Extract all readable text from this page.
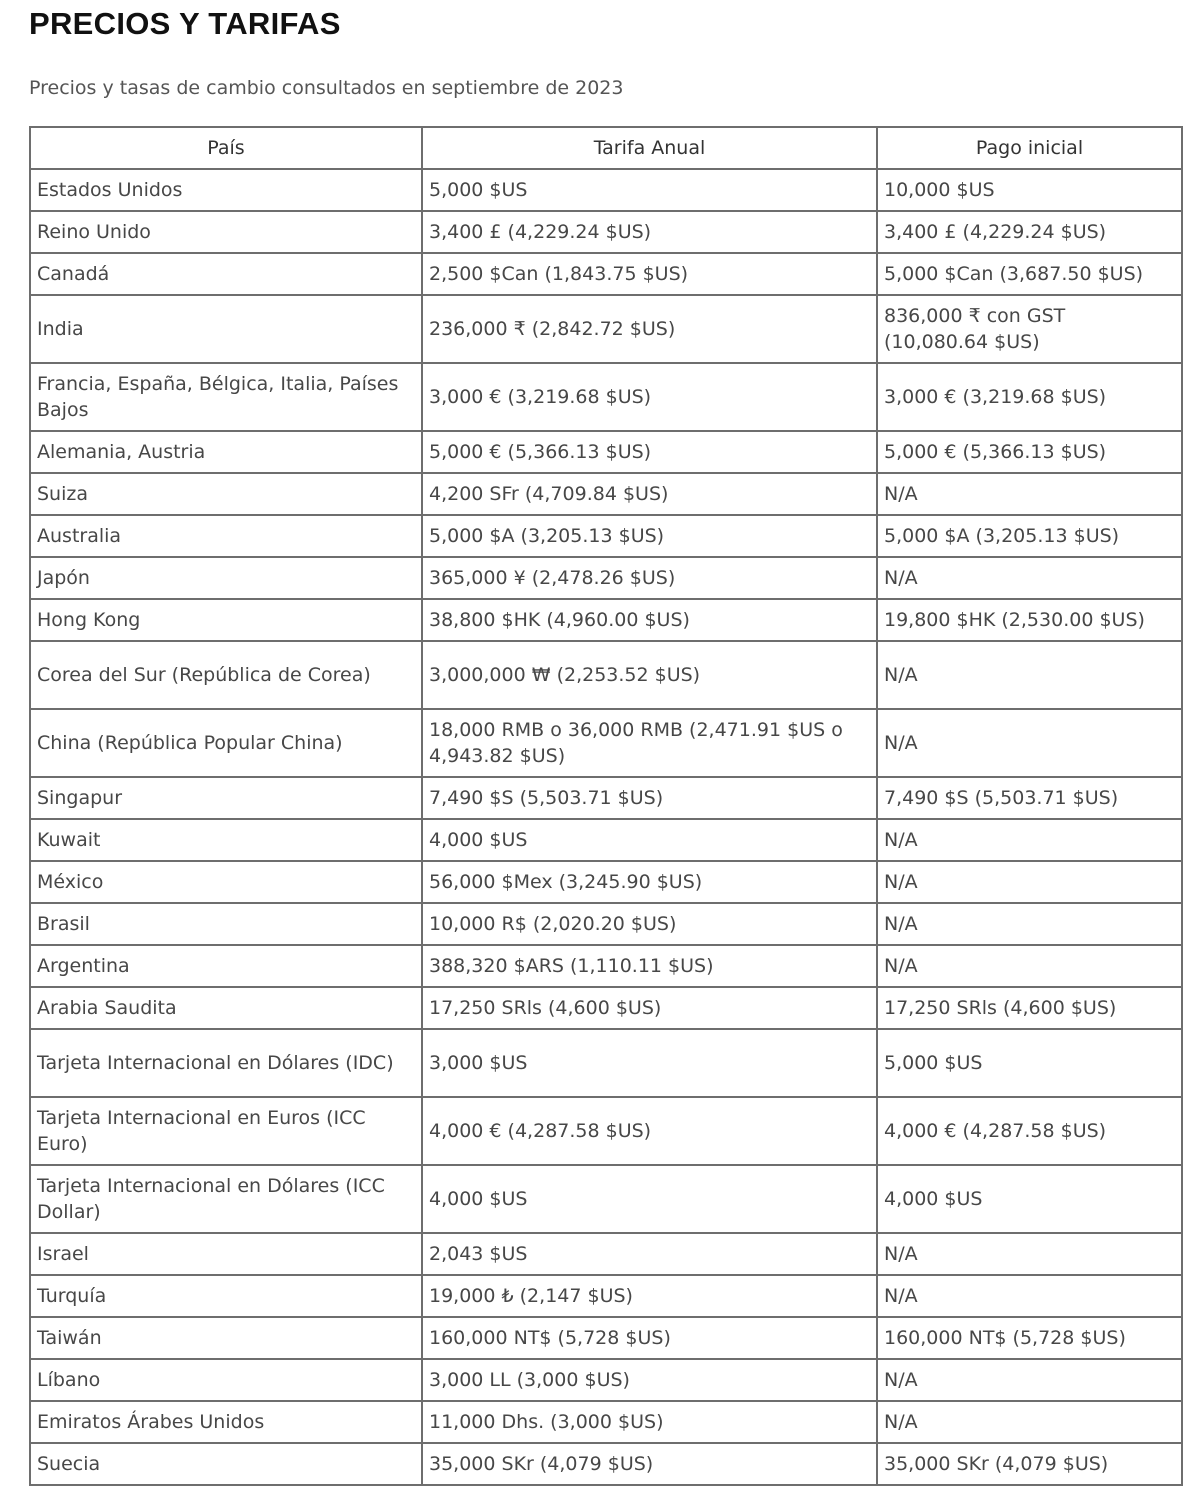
PRECIOS Y TARIFAS

Precios y tasas de cambio consultados en septiembre de 2023

País	Tarifa Anual	Pago inicial
Estados Unidos	5,000 $US	10,000 $US
Reino Unido	3,400 £ (4,229.24 $US)	3,400 £ (4,229.24 $US)
Canadá	2,500 $Can (1,843.75 $US)	5,000 $Can (3,687.50 $US)
India	236,000 ₹ (2,842.72 $US)	836,000 ₹ con GST (10,080.64 $US)
Francia, España, Bélgica, Italia, Países Bajos	3,000 € (3,219.68 $US)	3,000 € (3,219.68 $US)
Alemania, Austria	5,000 € (5,366.13 $US)	5,000 € (5,366.13 $US)
Suiza	4,200 SFr (4,709.84 $US)	N/A
Australia	5,000 $A (3,205.13 $US)	5,000 $A (3,205.13 $US)
Japón	365,000 ¥ (2,478.26 $US)	N/A
Hong Kong	38,800 $HK (4,960.00 $US)	19,800 $HK (2,530.00 $US)
Corea del Sur (República de Corea)	3,000,000 ₩ (2,253.52 $US)	N/A
China (República Popular China)	18,000 RMB o 36,000 RMB (2,471.91 $US o 4,943.82 $US)	N/A
Singapur	7,490 $S (5,503.71 $US)	7,490 $S (5,503.71 $US)
Kuwait	4,000 $US	N/A
México	56,000 $Mex (3,245.90 $US)	N/A
Brasil	10,000 R$ (2,020.20 $US)	N/A
Argentina	388,320 $ARS (1,110.11 $US)	N/A
Arabia Saudita	17,250 SRls (4,600 $US)	17,250 SRls (4,600 $US)
Tarjeta Internacional en Dólares (IDC)	3,000 $US	5,000 $US
Tarjeta Internacional en Euros (ICC Euro)	4,000 € (4,287.58 $US)	4,000 € (4,287.58 $US)
Tarjeta Internacional en Dólares (ICC Dollar)	4,000 $US	4,000 $US
Israel	2,043 $US	N/A
Turquía	19,000 ₺ (2,147 $US)	N/A
Taiwán	160,000 NT$ (5,728 $US)	160,000 NT$ (5,728 $US)
Líbano	3,000 LL (3,000 $US)	N/A
Emiratos Árabes Unidos	11,000 Dhs. (3,000 $US)	N/A
Suecia	35,000 SKr (4,079 $US)	35,000 SKr (4,079 $US)
